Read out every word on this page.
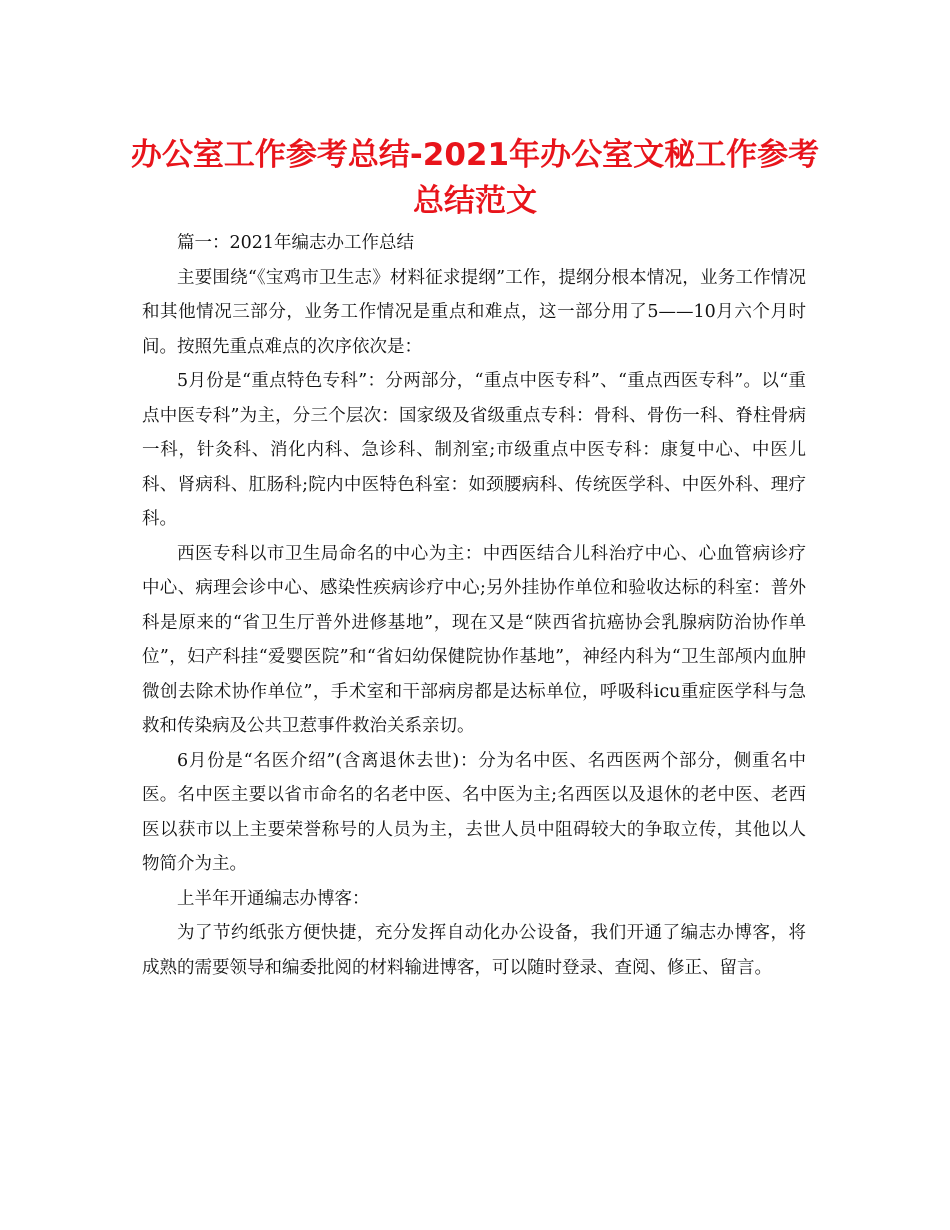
办公室工作参考总结-2021年办公室文秘工作参考总结范文

篇一：2021年编志办工作总结

主要围绕“《宝鸡市卫生志》材料征求提纲”工作，提纲分根本情况，业务工作情况和其他情况三部分，业务工作情况是重点和难点，这一部分用了5——10月六个月时间。按照先重点难点的次序依次是：

5月份是“重点特色专科”：分两部分，“重点中医专科”、“重点西医专科”。以“重点中医专科”为主，分三个层次：国家级及省级重点专科：骨科、骨伤一科、脊柱骨病一科，针灸科、消化内科、急诊科、制剂室;市级重点中医专科：康复中心、中医儿科、肾病科、肛肠科;院内中医特色科室：如颈腰病科、传统医学科、中医外科、理疗科。

西医专科以市卫生局命名的中心为主：中西医结合儿科治疗中心、心血管病诊疗中心、病理会诊中心、感染性疾病诊疗中心;另外挂协作单位和验收达标的科室：普外科是原来的“省卫生厅普外进修基地”，现在又是“陕西省抗癌协会乳腺病防治协作单位”，妇产科挂“爱婴医院”和“省妇幼保健院协作基地”，神经内科为“卫生部颅内血肿微创去除术协作单位”，手术室和干部病房都是达标单位，呼吸科icu重症医学科与急救和传染病及公共卫惹事件救治关系亲切。

6月份是“名医介绍”(含离退休去世)：分为名中医、名西医两个部分，侧重名中医。名中医主要以省市命名的名老中医、名中医为主;名西医以及退休的老中医、老西医以获市以上主要荣誉称号的人员为主，去世人员中阻碍较大的争取立传，其他以人物简介为主。

上半年开通编志办博客：

为了节约纸张方便快捷，充分发挥自动化办公设备，我们开通了编志办博客，将成熟的需要领导和编委批阅的材料输进博客，可以随时登录、查阅、修正、留言。
